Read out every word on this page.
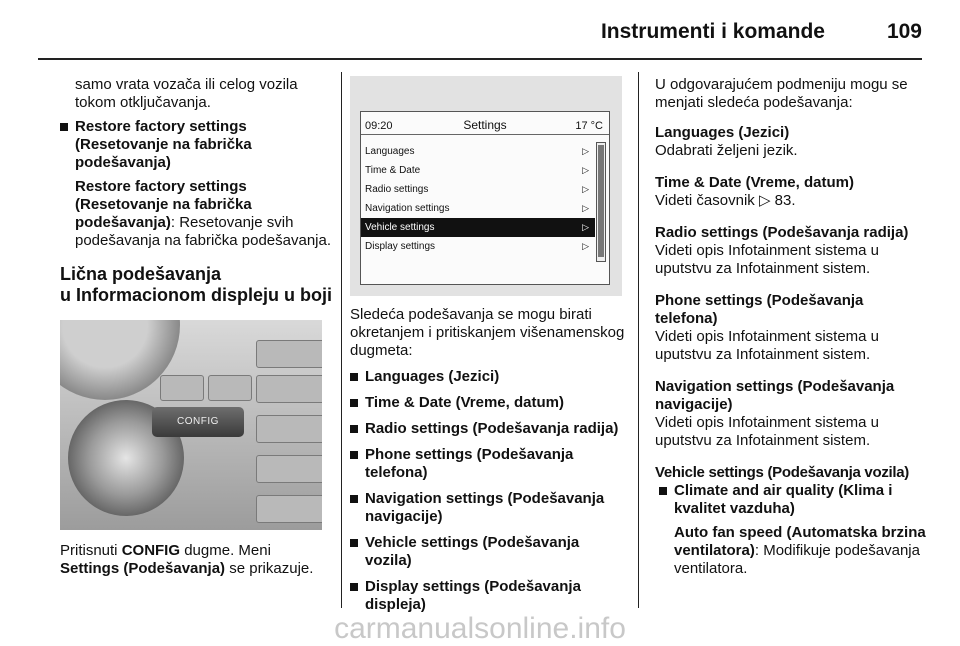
Instrumenti i komande	109

samo vrata vozača ili celog vozila tokom otključavanja.

Restore factory settings (Resetovanje na fabrička podešavanja)

Restore factory settings (Resetovanje na fabrička podešavanja): Resetovanje svih podešavanja na fabrička podešavanja.

Lična podešavanja
u Informacionom displeju u boji

CONFIG

Pritisnuti CONFIG dugme. Meni Settings (Podešavanja) se prikazuje.

09:20	Settings	17 °C
Languages	▷
Time & Date	▷
Radio settings	▷
Navigation settings	▷
Vehicle settings	▷
Display settings	▷

Sledeća podešavanja se mogu birati okretanjem i pritiskanjem višenamenskog dugmeta:

Languages (Jezici)

Time & Date (Vreme, datum)

Radio settings (Podešavanja radija)

Phone settings (Podešavanja telefona)

Navigation settings (Podešavanja navigacije)

Vehicle settings (Podešavanja vozila)

Display settings (Podešavanja displeja)

U odgovarajućem podmeniju mogu se menjati sledeća podešavanja:

Languages (Jezici)

Odabrati željeni jezik.

Time & Date (Vreme, datum)

Videti časovnik ▷ 83.

Radio settings (Podešavanja radija)

Videti opis Infotainment sistema u uputstvu za Infotainment sistem.

Phone settings (Podešavanja telefona)

Videti opis Infotainment sistema u uputstvu za Infotainment sistem.

Navigation settings (Podešavanja navigacije)

Videti opis Infotainment sistema u uputstvu za Infotainment sistem.

Vehicle settings (Podešavanja vozila)

Climate and air quality (Klima i kvalitet vazduha)

Auto fan speed (Automatska brzina ventilatora): Modifikuje podešavanja ventilatora.

carmanualsonline.info
